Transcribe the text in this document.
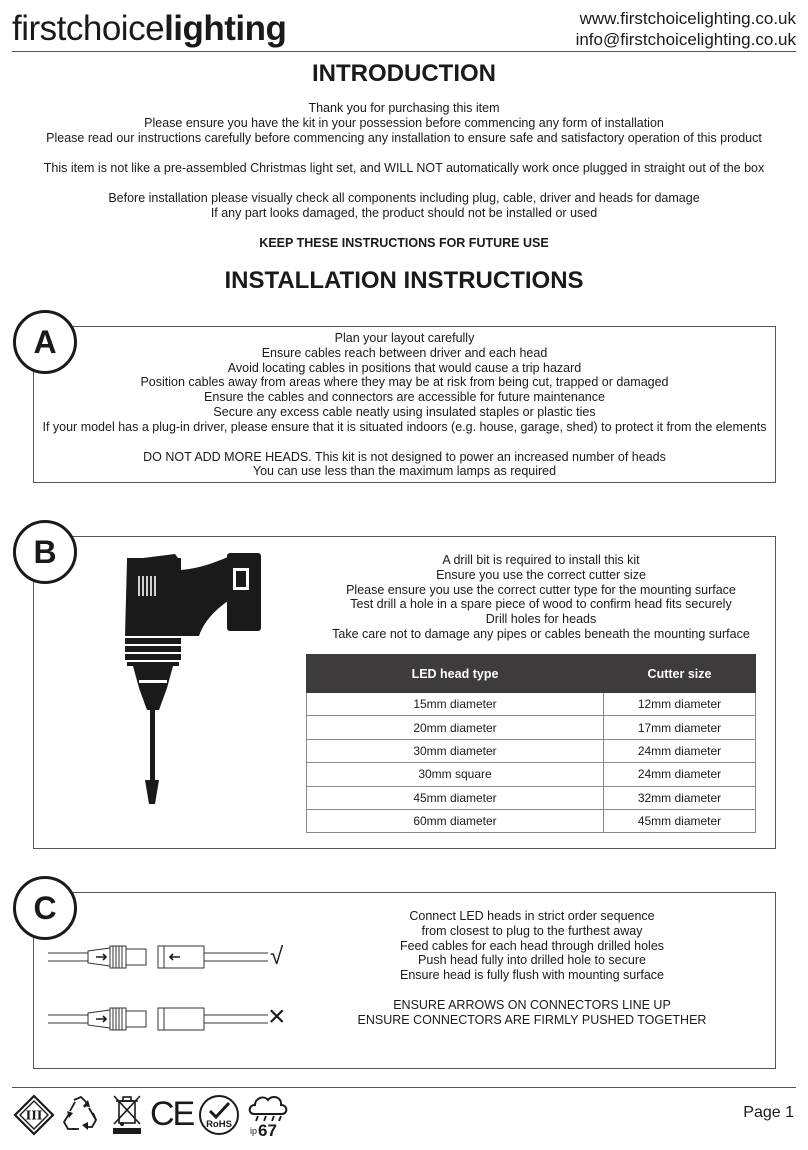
firstchoicelighting	www.firstchoicelighting.co.uk
info@firstchoicelighting.co.uk
INTRODUCTION
Thank you for purchasing this item
Please ensure you have the kit in your possession before commencing any form of installation
Please read our instructions carefully before commencing any installation to ensure safe and satisfactory operation of this product
This item is not like a pre-assembled Christmas light set, and WILL NOT automatically work once plugged in straight out of the box
Before installation please visually check all components including plug, cable, driver and heads for damage
If any part looks damaged, the product should not be installed or used
KEEP THESE INSTRUCTIONS FOR FUTURE USE
INSTALLATION INSTRUCTIONS
Plan your layout carefully
Ensure cables reach between driver and each head
Avoid locating cables in positions that would cause a trip hazard
Position cables away from areas where they may be at risk from being cut, trapped or damaged
Ensure the cables and connectors are accessible for future maintenance
Secure any excess cable neatly using insulated staples or plastic ties
If your model has a plug-in driver, please ensure that it is situated indoors (e.g. house, garage, shed) to protect it from the elements
DO NOT ADD MORE HEADS. This kit is not designed to power an increased number of heads
You can use less than the maximum lamps as required
A
A drill bit is required to install this kit
Ensure you use the correct cutter size
Please ensure you use the correct cutter type for the mounting surface
Test drill a hole in a spare piece of wood to confirm head fits securely
Drill holes for heads
Take care not to damage any pipes or cables beneath the mounting surface
LED head type	Cutter size
15mm diameter	12mm diameter
20mm diameter	17mm diameter
30mm diameter	24mm diameter
30mm square	24mm diameter
45mm diameter	32mm diameter
60mm diameter	45mm diameter
B
Connect LED heads in strict order sequence
from closest to plug to the furthest away
Feed cables for each head through drilled holes
Push head fully into drilled hole to secure
Ensure head is fully flush with mounting surface
ENSURE ARROWS ON CONNECTORS LINE UP
ENSURE CONNECTORS ARE FIRMLY PUSHED TOGETHER
C
√
×
III	CE RoHS
ip 67
Page 1
